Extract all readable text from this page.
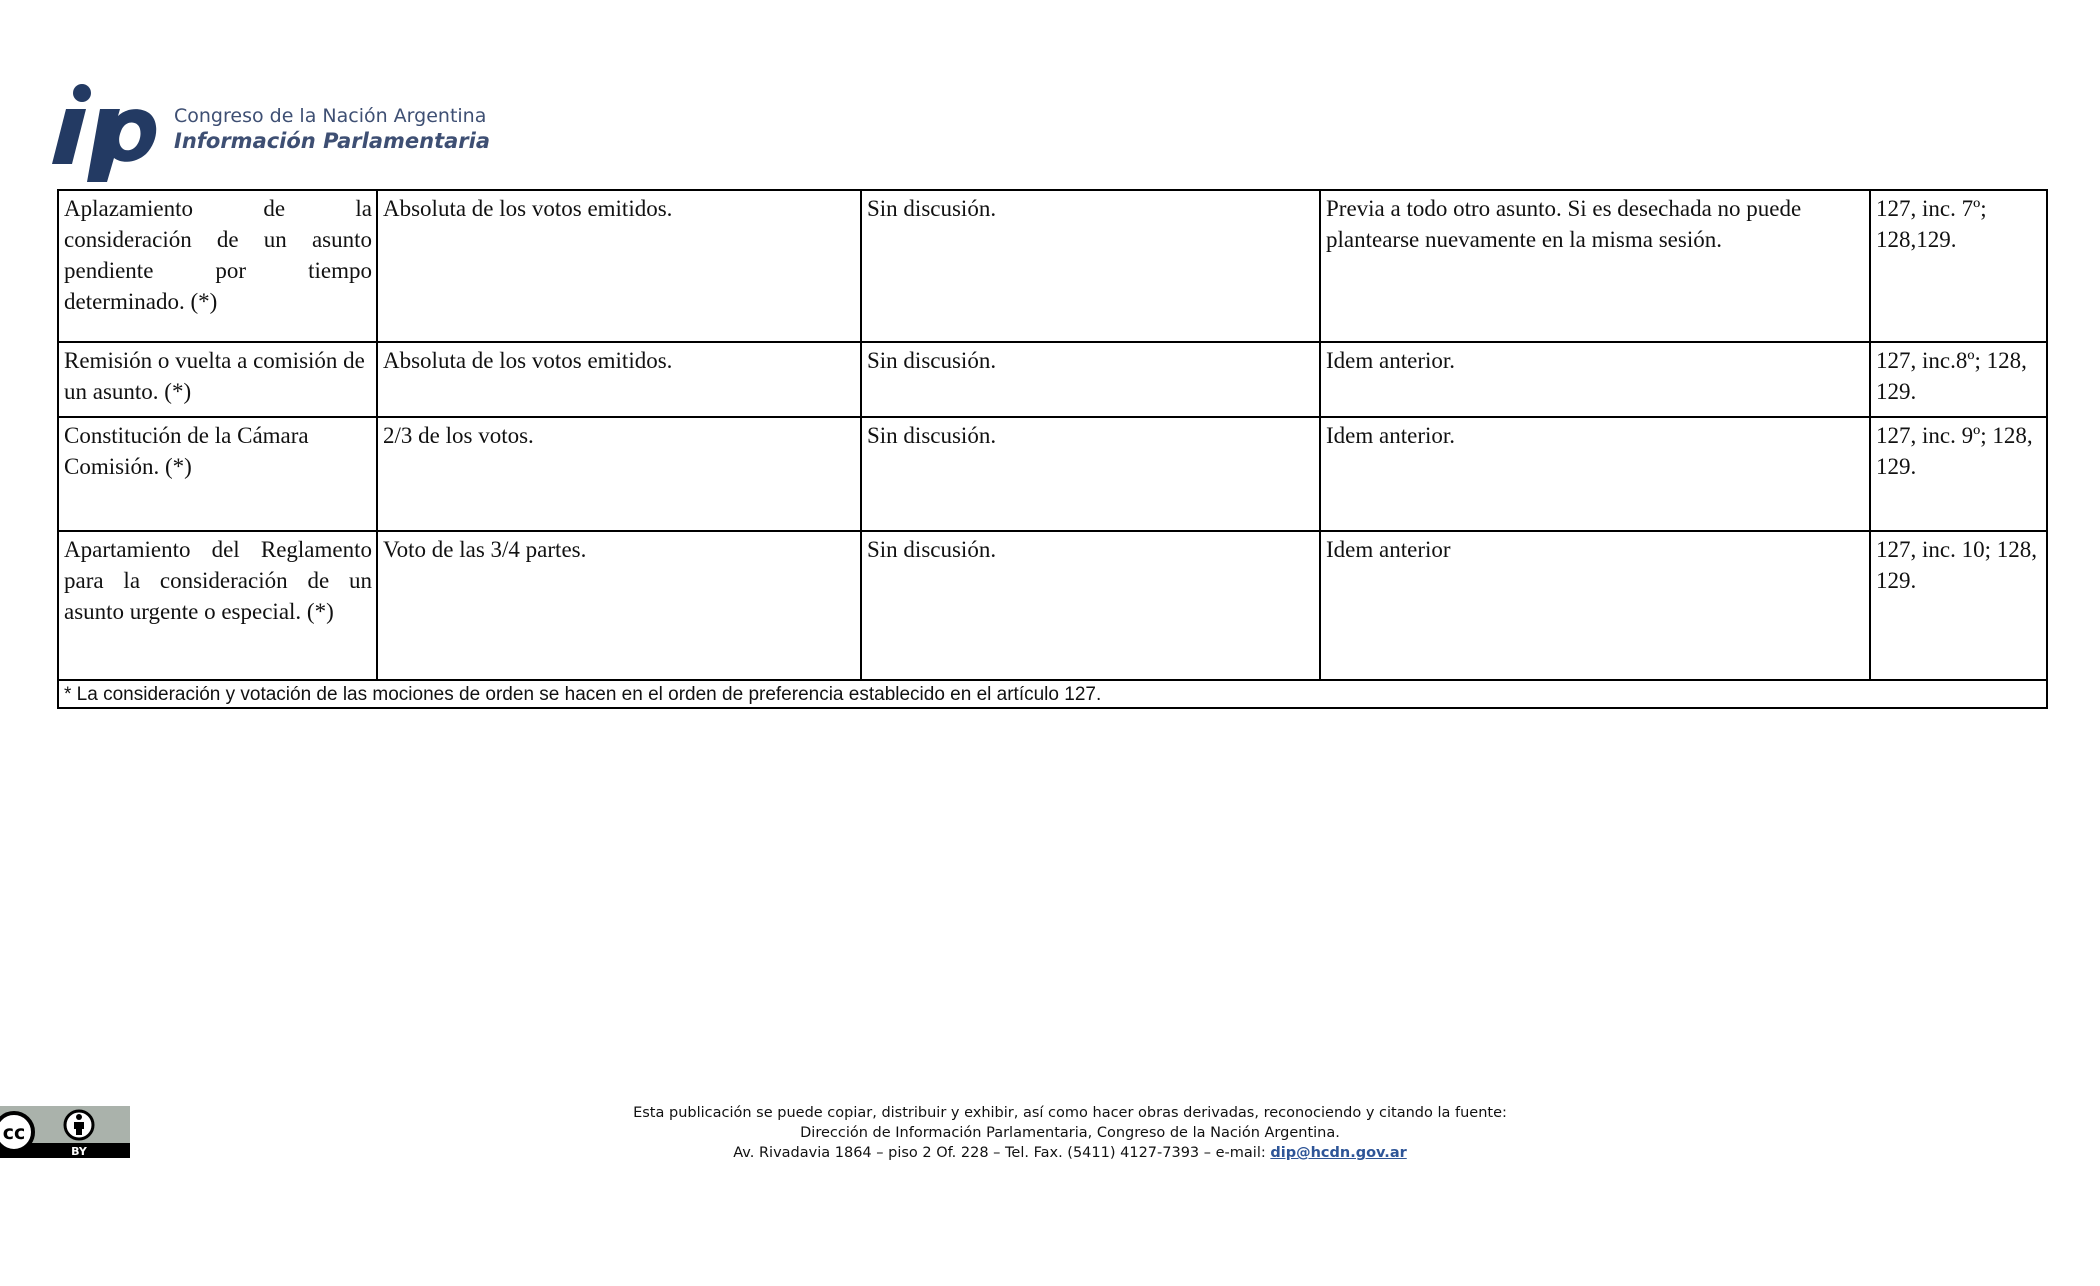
Congreso de la Nación Argentina
Información Parlamentaria
Aplazamiento de la consideración de un asunto pendiente por tiempo determinado. (*)	Absoluta de los votos emitidos.	Sin discusión.	Previa a todo otro asunto. Si es desechada no puede plantearse nuevamente en la misma sesión.	127, inc. 7º; 128,129.
Remisión o vuelta a comisión de un asunto. (*)	Absoluta de los votos emitidos.	Sin discusión.	Idem anterior.	127, inc.8º; 128, 129.
Constitución de la Cámara Comisión. (*)	2/3 de los votos.	Sin discusión.	Idem anterior.	127, inc. 9º; 128, 129.
Apartamiento del Reglamento para la consideración de un asunto urgente o especial. (*)	Voto de las 3/4 partes.	Sin discusión.	Idem anterior	127, inc. 10; 128, 129.
* La consideración y votación de las mociones de orden se hacen en el orden de preferencia establecido en el artículo 127.				
cc
BY
Esta publicación se puede copiar, distribuir y exhibir, así como hacer obras derivadas, reconociendo y citando la fuente:
Dirección de Información Parlamentaria, Congreso de la Nación Argentina.
Av. Rivadavia 1864 – piso 2 Of. 228 – Tel. Fax. (5411) 4127-7393 – e-mail: dip@hcdn.gov.ar
